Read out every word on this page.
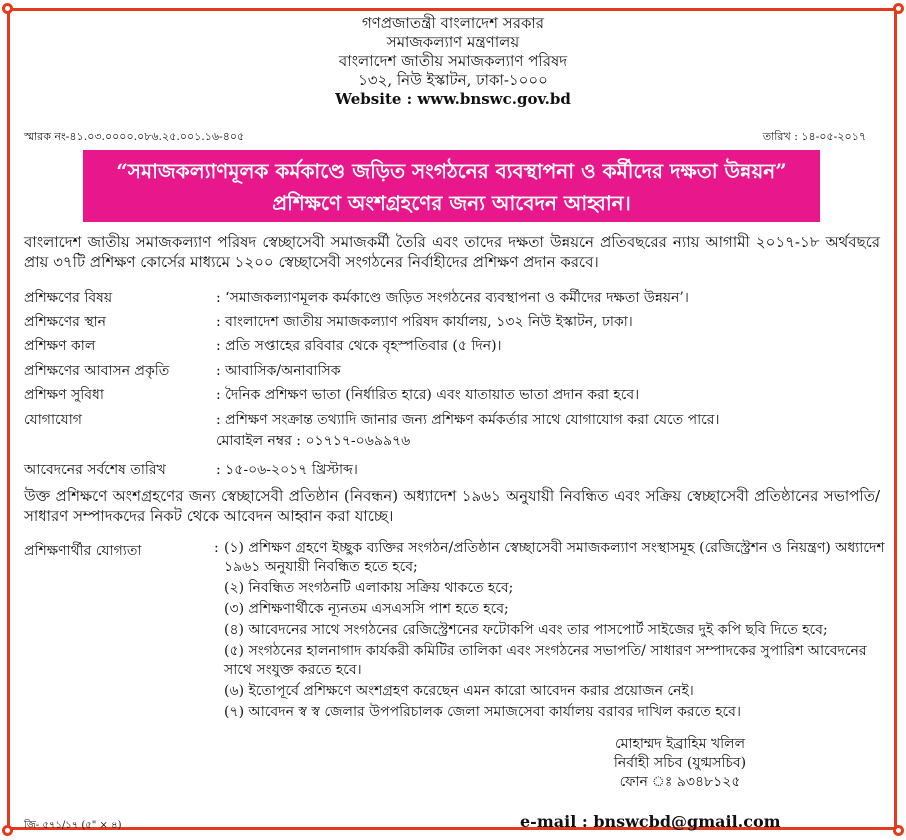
গণপ্রজাতন্ত্রী বাংলাদেশ সরকার
সমাজকল্যাণ মন্ত্রণালয়
বাংলাদেশ জাতীয় সমাজকল্যাণ পরিষদ
১৩২, নিউ ইস্কাটন, ঢাকা-১০০০
Website : www.bnswc.gov.bd
স্মারক নং-৪১.০৩.০০০০.০৮৬.২৫.০০১.১৬-৪০৫	তারিখ : ১৪-০৫-২০১৭
“সমাজকল্যাণমূলক কর্মকাণ্ডে জড়িত সংগঠনের ব্যবস্থাপনা ও কর্মীদের দক্ষতা উন্নয়ন”
প্রশিক্ষণে অংশগ্রহণের জন্য আবেদন আহ্বান।
বাংলাদেশ জাতীয় সমাজকল্যাণ পরিষদ স্বেচ্ছাসেবী সমাজকর্মী তৈরি এবং তাদের দক্ষতা উন্নয়নে প্রতিবছরের ন্যায় আগামী ২০১৭-১৮ অর্থবছরে প্রায় ৩৭টি প্রশিক্ষণ কোর্সের মাধ্যমে ১২০০ স্বেচ্ছাসেবী সংগঠনের নির্বাহীদের প্রশিক্ষণ প্রদান করবে।
প্রশিক্ষণের বিষয়	: ‘সমাজকল্যাণমূলক কর্মকাণ্ডে জড়িত সংগঠনের ব্যবস্থাপনা ও কর্মীদের দক্ষতা উন্নয়ন’।
প্রশিক্ষণের স্থান	: বাংলাদেশ জাতীয় সমাজকল্যাণ পরিষদ কার্যালয়, ১৩২ নিউ ইস্কাটন, ঢাকা।
প্রশিক্ষণ কাল	: প্রতি সপ্তাহের রবিবার থেকে বৃহস্পতিবার (৫ দিন)।
প্রশিক্ষণের আবাসন প্রকৃতি	: আবাসিক/অনাবাসিক
প্রশিক্ষণ সুবিধা	: দৈনিক প্রশিক্ষণ ভাতা (নির্ধারিত হারে) এবং যাতায়াত ভাতা প্রদান করা হবে।
যোগাযোগ	: প্রশিক্ষণ সংক্রান্ত তথ্যাদি জানার জন্য প্রশিক্ষণ কর্মকর্তার সাথে যোগাযোগ করা যেতে পারে।
মোবাইল নম্বর : ০১৭১৭-০৬৯৯৭৬
আবেদনের সর্বশেষ তারিখ	: ১৫-০৬-২০১৭ খ্রিস্টাব্দ।
উক্ত প্রশিক্ষণে অংশগ্রহণের জন্য স্বেচ্ছাসেবী প্রতিষ্ঠান (নিবন্ধন) অধ্যাদেশ ১৯৬১ অনুযায়ী নিবন্ধিত এবং সক্রিয় স্বেচ্ছাসেবী প্রতিষ্ঠানের সভাপতি/সাধারণ সম্পাদকদের নিকট থেকে আবেদন আহ্বান করা যাচ্ছে।
প্রশিক্ষণার্থীর যোগ্যতা	: (১) প্রশিক্ষণ গ্রহণে ইচ্ছুক ব্যক্তির সংগঠন/প্রতিষ্ঠান স্বেচ্ছাসেবী সমাজকল্যাণ সংস্থাসমূহ (রেজিস্ট্রেশন ও নিয়ন্ত্রণ) অধ্যাদেশ ১৯৬১ অনুযায়ী নিবন্ধিত হতে হবে;
(২) নিবন্ধিত সংগঠনটি এলাকায় সক্রিয় থাকতে হবে;
(৩) প্রশিক্ষণার্থীকে ন্যূনতম এসএসসি পাশ হতে হবে;
(৪) আবেদনের সাথে সংগঠনের রেজিস্ট্রেশনের ফটোকপি এবং তার পাসপোর্ট সাইজের দুই কপি ছবি দিতে হবে;
(৫) সংগঠনের হালনাগাদ কার্যকরী কমিটির তালিকা এবং সংগঠনের সভাপতি/ সাধারণ সম্পাদকের সুপারিশ আবেদনের সাথে সংযুক্ত করতে হবে।
(৬) ইতোপূর্বে প্রশিক্ষণে অংশগ্রহণ করেছেন এমন কারো আবেদন করার প্রয়োজন নেই।
(৭) আবেদন স্ব স্ব জেলার উপপরিচালক জেলা সমাজসেবা কার্যালয় বরাবর দাখিল করতে হবে।
মোহাম্মদ ইব্রাহিম খলিল
নির্বাহী সচিব (যুগ্মসচিব)
ফোন ঃ ৯৩৪৮১২৫
জি- ৫৭১/১৭ (৫" × ৪)	e-mail : bnswcbd@gmail.com
